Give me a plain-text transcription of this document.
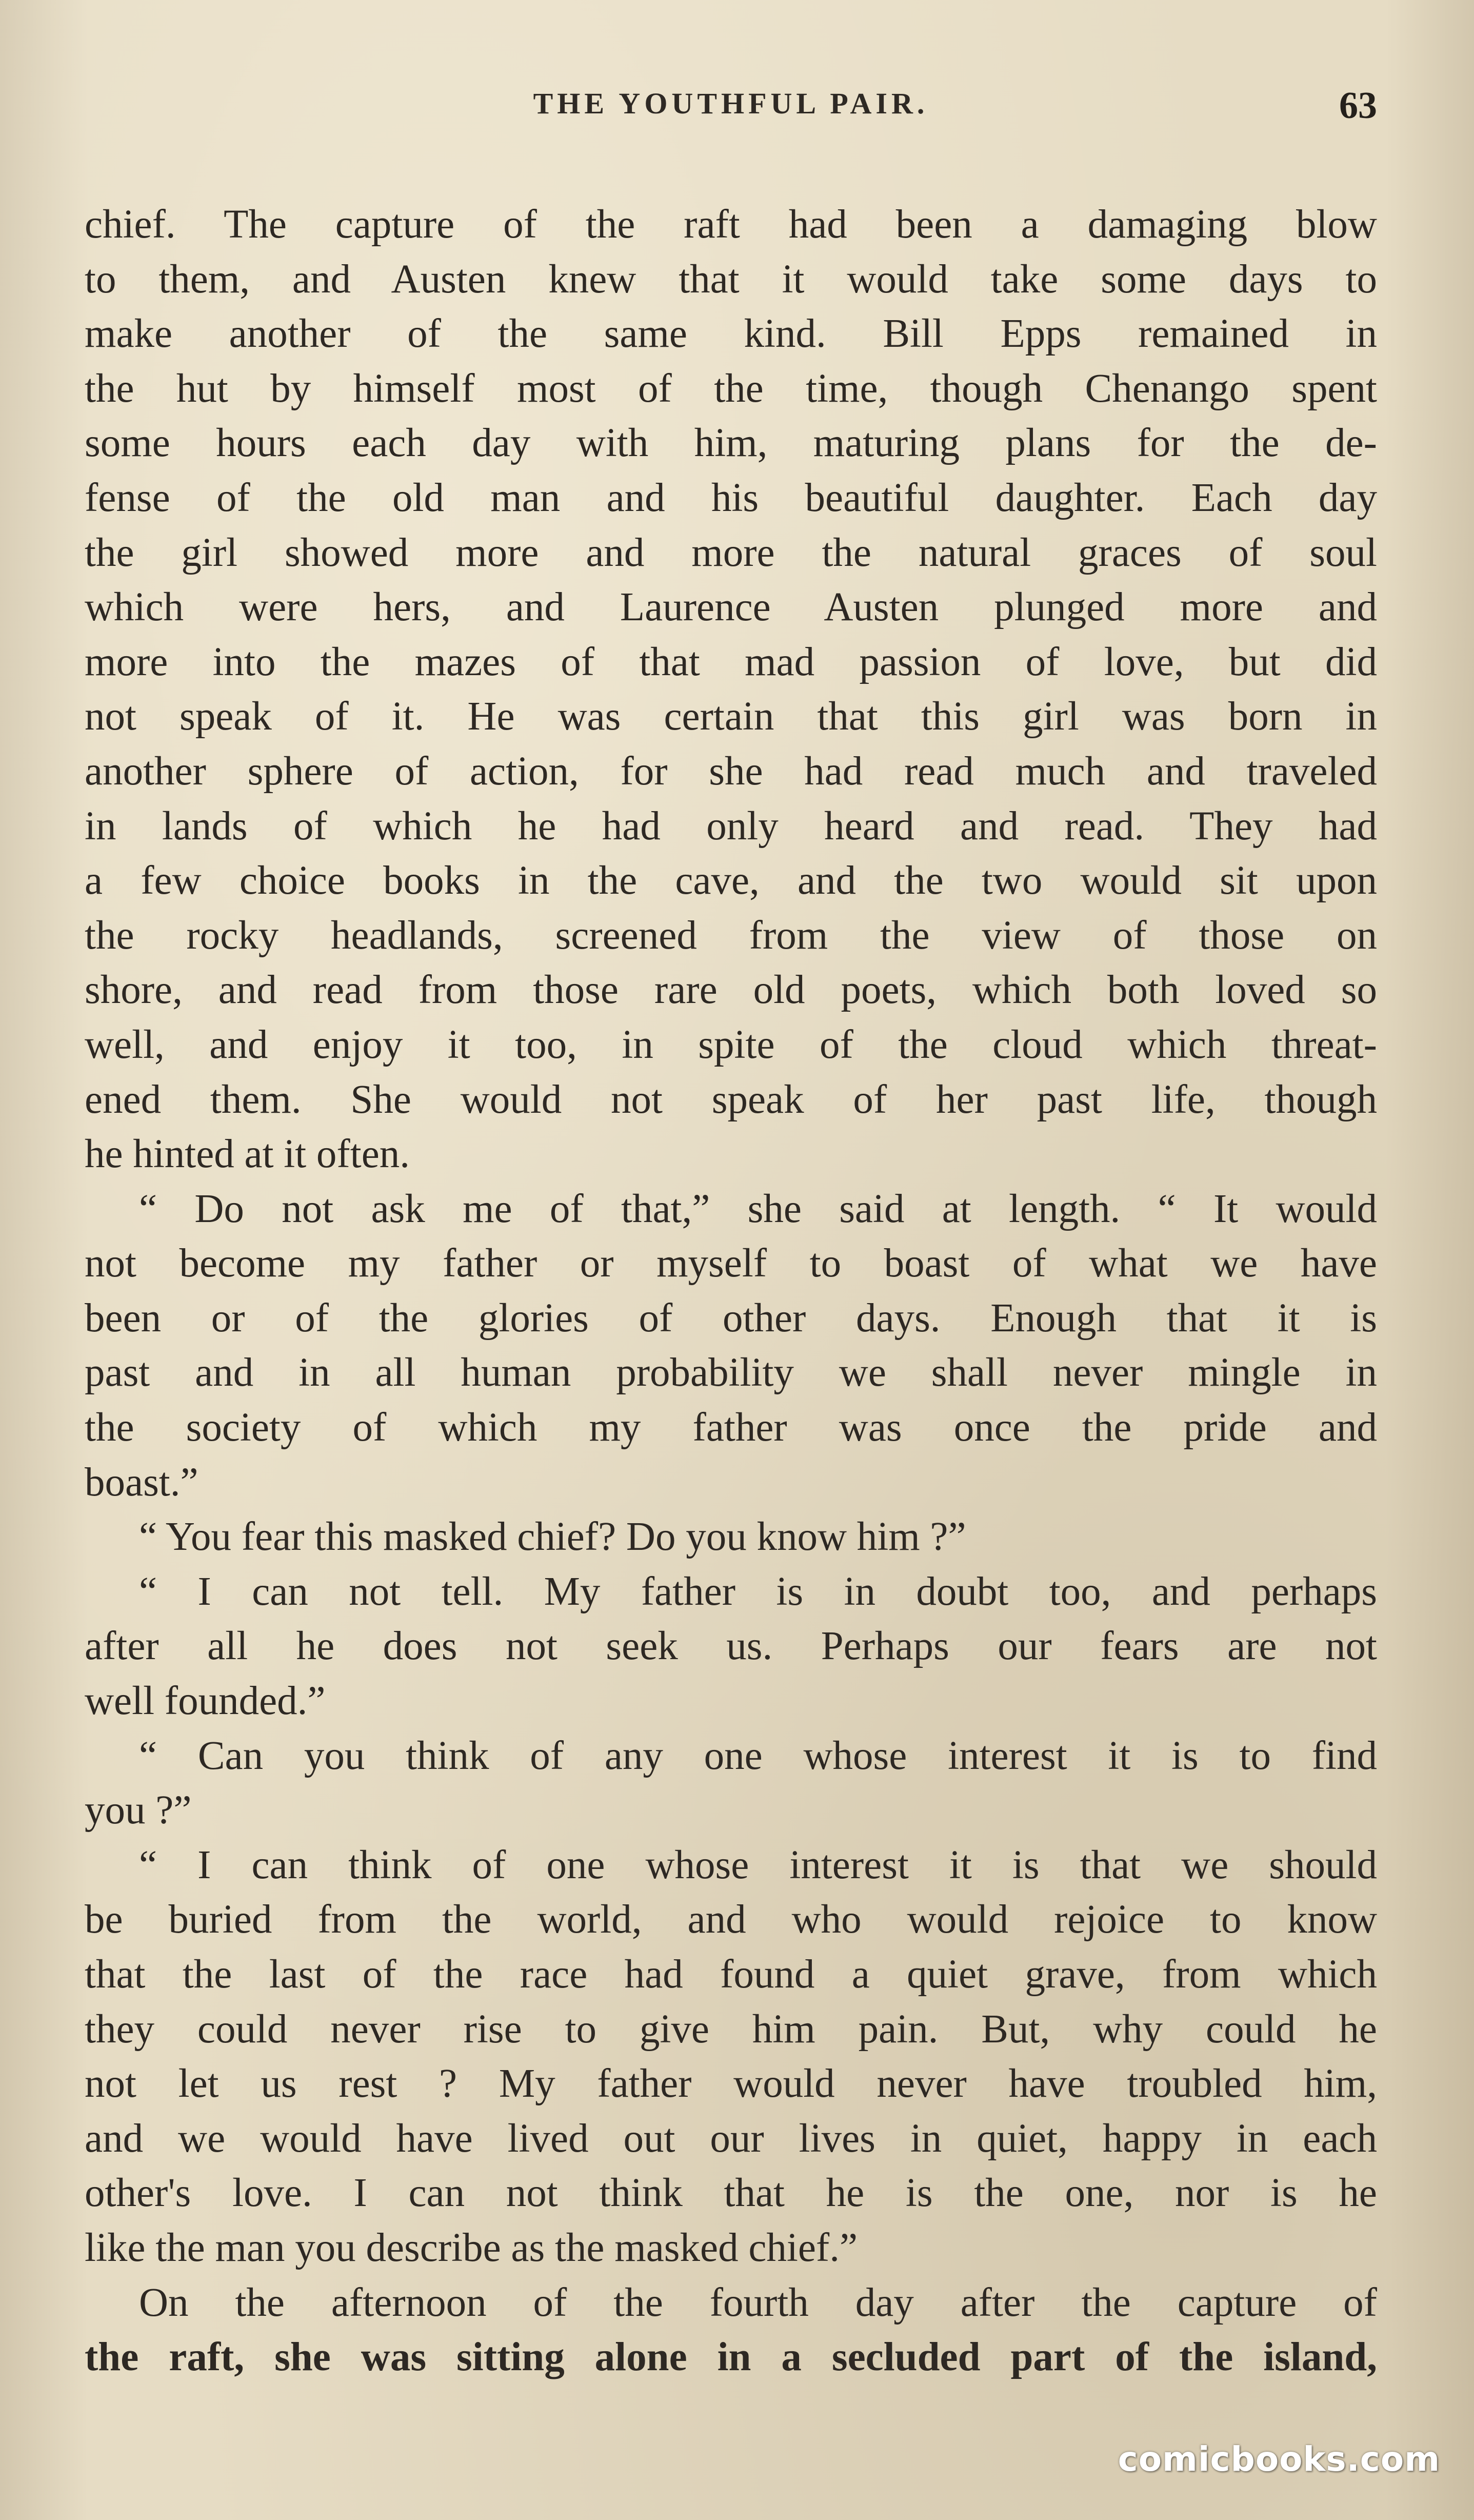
THE YOUTHFUL PAIR.	63
chief. The capture of the raft had been a damaging blow
to them, and Austen knew that it would take some days to
make another of the same kind. Bill Epps remained in
the hut by himself most of the time, though Chenango spent
some hours each day with him, maturing plans for the de-
fense of the old man and his beautiful daughter. Each day
the girl showed more and more the natural graces of soul
which were hers, and Laurence Austen plunged more and
more into the mazes of that mad passion of love, but did
not speak of it. He was certain that this girl was born in
another sphere of action, for she had read much and traveled
in lands of which he had only heard and read. They had
a few choice books in the cave, and the two would sit upon
the rocky headlands, screened from the view of those on
shore, and read from those rare old poets, which both loved so
well, and enjoy it too, in spite of the cloud which threat-
ened them. She would not speak of her past life, though
he hinted at it often.
“ Do not ask me of that,” she said at length. “ It would
not become my father or myself to boast of what we have
been or of the glories of other days. Enough that it is
past and in all human probability we shall never mingle in
the society of which my father was once the pride and
boast.”
“ You fear this masked chief? Do you know him ?”
“ I can not tell. My father is in doubt too, and perhaps
after all he does not seek us. Perhaps our fears are not
well founded.”
“ Can you think of any one whose interest it is to find
you ?”
“ I can think of one whose interest it is that we should
be buried from the world, and who would rejoice to know
that the last of the race had found a quiet grave, from which
they could never rise to give him pain. But, why could he
not let us rest ? My father would never have troubled him,
and we would have lived out our lives in quiet, happy in each
other's love. I can not think that he is the one, nor is he
like the man you describe as the masked chief.”
On the afternoon of the fourth day after the capture of
the raft, she was sitting alone in a secluded part of the island,
comicbooks.com
